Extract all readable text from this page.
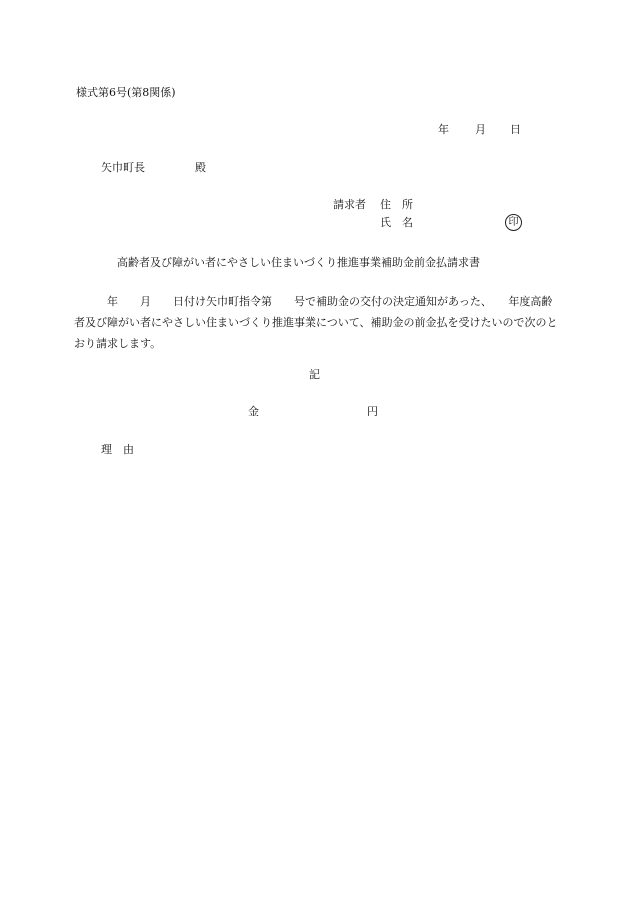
様式第6号(第8関係)
年 月 日
矢巾町長	殿
請求者 住　所
氏　名	印
高齢者及び障がい者にやさしい住まいづくり推進事業補助金前金払請求書
　　　年　　月　　日付け矢巾町指令第　　号で補助金の交付の決定通知があった、　　年度高齢
者及び障がい者にやさしい住まいづくり推進事業について、補助金の前金払を受けたいので次のと
おり請求します。
記
金	円
理　由
